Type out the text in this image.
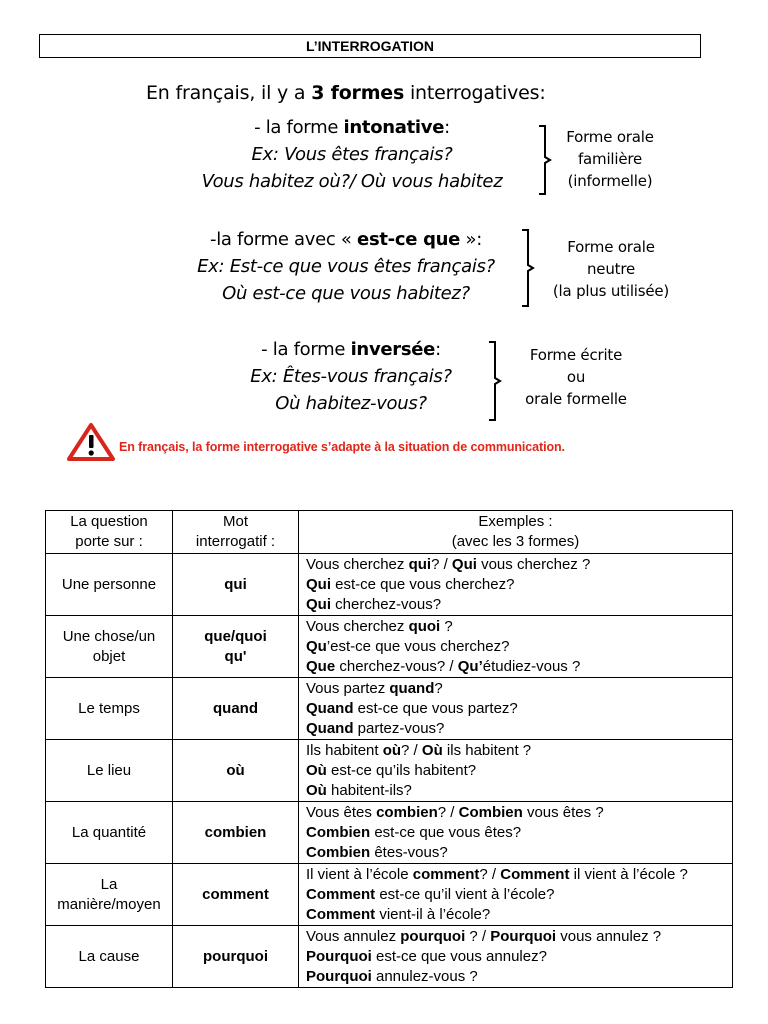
L’INTERROGATION
En français, il y a 3 formes interrogatives:
- la forme intonative:
Ex: Vous êtes français?
Vous habitez où?/ Où vous habitez
Forme orale
familière
(informelle)
-la forme avec « est-ce que »:
Ex: Est-ce que vous êtes français?
Où est-ce que vous habitez?
Forme orale
neutre
(la plus utilisée)
- la forme inversée:
Ex: Êtes-vous français?
Où habitez-vous?
Forme écrite
ou
orale formelle
En français, la forme interrogative s’adapte à la situation de communication.
La question
porte sur :	Mot
interrogatif :	Exemples :
(avec les 3 formes)

Une personne	qui	Vous cherchez qui? / Qui vous cherchez ?
Qui est-ce que vous cherchez?
Qui cherchez-vous?

Une chose/un
objet	que/quoi
qu'	Vous cherchez quoi ?
Qu’est-ce que vous cherchez?
Que cherchez-vous? / Qu’étudiez-vous ?

Le temps	quand	Vous partez quand?
Quand est-ce que vous partez?
Quand partez-vous?

Le lieu	où	Ils habitent où? / Où ils habitent ?
Où est-ce qu’ils habitent?
Où habitent-ils?

La quantité	combien	Vous êtes combien? / Combien vous êtes ?
Combien est-ce que vous êtes?
Combien êtes-vous?

La
manière/moyen	comment	Il vient à l’école comment? / Comment il vient à l’école ?
Comment est-ce qu’il vient à l’école?
Comment vient-il à l’école?

La cause	pourquoi	Vous annulez pourquoi ? / Pourquoi vous annulez ?
Pourquoi est-ce que vous annulez?
Pourquoi annulez-vous ?
